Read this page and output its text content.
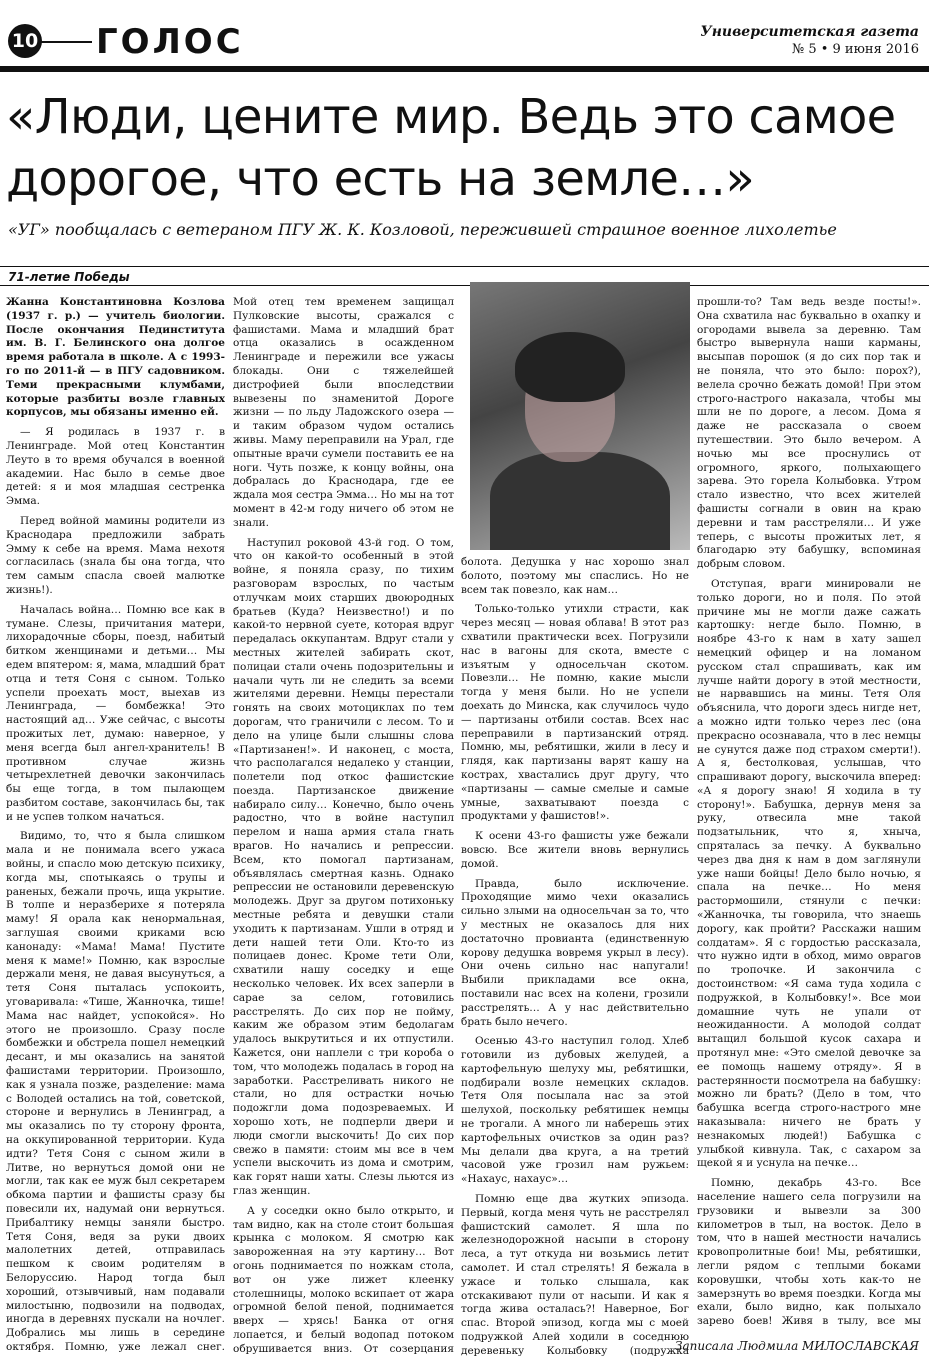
10 ГОЛОС	Университетская газета
№ 5 • 9 июня 2016
«Люди, цените мир. Ведь это самое дорогое, что есть на земле…»
«УГ» пообщалась с ветераном ПГУ Ж. К. Козловой, пережившей страшное военное лихолетье
71-летие Победы

Жанна Константиновна Козлова (1937 г. р.) — учитель биологии. После окончания Пединститута им. В. Г. Белинского она долгое время работала в школе. А с 1993-го по 2011-й — в ПГУ садовником. Теми прекрасными клумбами, которые разбиты возле главных корпусов, мы обязаны именно ей.

— Я родилась в 1937 г. в Ленинграде. Мой отец Константин Леуто в то время обучался в военной академии. Нас было в семье двое детей: я и моя младшая сестренка Эмма.

Перед войной мамины родители из Краснодара предложили забрать Эмму к себе на время. Мама нехотя согласилась (знала бы она тогда, что тем самым спасла своей малютке жизнь!).

Началась война… Помню все как в тумане. Слезы, причитания матери, лихорадочные сборы, поезд, набитый битком женщинами и детьми… Мы едем впятером: я, мама, младший брат отца и тетя Соня с сыном. Только успели проехать мост, выехав из Ленинграда, — бомбежка! Это настоящий ад… Уже сейчас, с высоты прожитых лет, думаю: наверное, у меня всегда был ангел-хранитель! В противном случае жизнь четырехлетней девочки закончилась бы еще тогда, в том пылающем разбитом составе, закончилась бы, так и не успев толком начаться.

Видимо, то, что я была слишком мала и не понимала всего ужаса войны, и спасло мою детскую психику, когда мы, спотыкаясь о трупы и раненых, бежали прочь, ища укрытие. В толпе и неразберихе я потеряла маму! Я орала как ненормальная, заглушая своими криками всю канонаду: «Мама! Мама! Пустите меня к маме!» Помню, как взрослые держали меня, не давая высунуться, а тетя Соня пыталась успокоить, уговаривала: «Тише, Жанночка, тише! Мама нас найдет, успокойся». Но этого не произошло. Сразу после бомбежки и обстрела пошел немецкий десант, и мы оказались на занятой фашистами территории. Произошло, как я узнала позже, разделение: мама с Володей остались на той, советской, стороне и вернулись в Ленинград, а мы оказались по ту сторону фронта, на оккупированной территории. Куда идти? Тетя Соня с сыном жили в Литве, но вернуться домой они не могли, так как ее муж был секретарем обкома партии и фашисты сразу бы повесили их, надумай они вернуться. Прибалтику немцы заняли быстро. Тетя Соня, ведя за руки двоих малолетних детей, отправилась пешком к своим родителям в Белоруссию. Народ тогда был хороший, отзывчивый, нам подавали милостыню, подвозили на подводах, иногда в деревнях пускали на ночлег. Добрались мы лишь в середине октября. Помню, уже лежал снег.

Мой отец тем временем защищал Пулковские высоты, сражался с фашистами. Мама и младший брат отца оказались в осажденном Ленинграде и пережили все ужасы блокады. Они с тяжелейшей дистрофией были впоследствии вывезены по знаменитой Дороге жизни — по льду Ладожского озера — и таким образом чудом остались живы. Маму переправили на Урал, где опытные врачи сумели поставить ее на ноги. Чуть позже, к концу войны, она добралась до Краснодара, где ее ждала моя сестра Эмма… Но мы на тот момент в 42-м году ничего об этом не знали.

Наступил роковой 43-й год. О том, что он какой-то особенный в этой войне, я поняла сразу, по тихим разговорам взрослых, по частым отлучкам моих старших двоюродных братьев (Куда? Неизвестно!) и по какой-то нервной суете, которая вдруг передалась оккупантам. Вдруг стали у местных жителей забирать скот, полицаи стали очень подозрительны и начали чуть ли не следить за всеми жителями деревни. Немцы перестали гонять на своих мотоциклах по тем дорогам, что граничили с лесом. То и дело на улице были слышны слова «Партизанен!». И наконец, с моста, что располагался недалеко у станции, полетели под откос фашистские поезда. Партизанское движение набирало силу… Конечно, было очень радостно, что в войне наступил перелом и наша армия стала гнать врагов. Но начались и репрессии. Всем, кто помогал партизанам, объявлялась смертная казнь. Однако репрессии не остановили деревенскую молодежь. Друг за другом потихоньку местные ребята и девушки стали уходить к партизанам. Ушли в отряд и дети нашей тети Оли. Кто-то из полицаев донес. Кроме тети Оли, схватили нашу соседку и еще несколько человек. Их всех заперли в сарае за селом, готовились расстрелять. До сих пор не пойму, каким же образом этим бедолагам удалось выкрутиться и их отпустили. Кажется, они наплели с три короба о том, что молодежь подалась в город на заработки. Расстреливать никого не стали, но для острастки ночью подожгли дома подозреваемых. И хорошо хоть, не подперли двери и люди смогли выскочить! До сих пор свежо в памяти: стоим мы все в чем успели выскочить из дома и смотрим, как горят наши хаты. Слезы льются из глаз женщин.

А у соседки окно было открыто, и там видно, как на столе стоит большая крынка с молоком. Я смотрю как завороженная на эту картину… Вот огонь поднимается по ножкам стола, вот он уже лижет клеенку столешницы, молоко вскипает от жара огромной белой пеной, поднимается вверх — хрясь! Банка от огня лопается, и белый водопад потоком обрушивается вниз. От созерцания

болота. Дедушка у нас хорошо знал болото, поэтому мы спаслись. Но не всем так повезло, как нам…

Только-только утихли страсти, как через месяц — новая облава! В этот раз схватили практически всех. Погрузили нас в вагоны для скота, вместе с изъятым у односельчан скотом. Повезли… Не помню, какие мысли тогда у меня были. Но не успели доехать до Минска, как случилось чудо — партизаны отбили состав. Всех нас переправили в партизанский отряд. Помню, мы, ребятишки, жили в лесу и глядя, как партизаны варят кашу на кострах, хвастались друг другу, что «партизаны — самые смелые и самые умные, захватывают поезда с продуктами у фашистов!».

К осени 43-го фашисты уже бежали вовсю. Все жители вновь вернулись домой.

Правда, было исключение. Проходящие мимо чехи оказались сильно злыми на односельчан за то, что у местных не оказалось для них достаточно провианта (единственную корову дедушка вовремя укрыл в лесу). Они очень сильно нас напугали! Выбили прикладами все окна, поставили нас всех на колени, грозили расстрелять… А у нас действительно брать было нечего.

Осенью 43-го наступил голод. Хлеб готовили из дубовых желудей, а картофельную шелуху мы, ребятишки, подбирали возле немецких складов. Тетя Оля посылала нас за этой шелухой, поскольку ребятишек немцы не трогали. А много ли наберешь этих картофельных очистков за один раз? Мы делали два круга, а на третий часовой уже грозил нам ружьем: «Нахаус, нахаус»…

Помню еще два жутких эпизода. Первый, когда меня чуть не расстрелял фашистский самолет. Я шла по железнодорожной насыпи в сторону леса, а тут откуда ни возьмись летит самолет. И стал стрелять! Я бежала в ужасе и только слышала, как отскакивают пули от насыпи. И как я тогда жива осталась?! Наверное, Бог спас. Второй эпизод, когда мы с моей подружкой Алей ходили в соседнюю деревеньку Колыбовку (подружка

прошли-то? Там ведь везде посты!». Она схватила нас буквально в охапку и огородами вывела за деревню. Там быстро вывернула наши карманы, высыпав порошок (я до сих пор так и не поняла, что это было: порох?), велела срочно бежать домой! При этом строго-настрого наказала, чтобы мы шли не по дороге, а лесом. Дома я даже не рассказала о своем путешествии. Это было вечером. А ночью мы все проснулись от огромного, яркого, полыхающего зарева. Это горела Колыбовка. Утром стало известно, что всех жителей фашисты согнали в овин на краю деревни и там расстреляли… И уже теперь, с высоты прожитых лет, я благодарю эту бабушку, вспоминая добрым словом.

Отступая, враги минировали не только дороги, но и поля. По этой причине мы не могли даже сажать картошку: негде было. Помню, в ноябре 43-го к нам в хату зашел немецкий офицер и на ломаном русском стал спрашивать, как им лучше найти дорогу в этой местности, не нарвавшись на мины. Тетя Оля объяснила, что дороги здесь нигде нет, а можно идти только через лес (она прекрасно осознавала, что в лес немцы не сунутся даже под страхом смерти!). А я, бестолковая, услышав, что спрашивают дорогу, выскочила вперед: «А я дорогу знаю! Я ходила в ту сторону!». Бабушка, дернув меня за руку, отвесила мне такой подзатыльник, что я, хныча, спряталась за печку. А буквально через два дня к нам в дом заглянули уже наши бойцы! Дело было ночью, я спала на печке… Но меня растормошили, стянули с печки: «Жанночка, ты говорила, что знаешь дорогу, как пройти? Расскажи нашим солдатам». Я с гордостью рассказала, что нужно идти в обход, мимо оврагов по тропочке. И закончила с достоинством: «Я сама туда ходила с подружкой, в Колыбовку!». Все мои домашние чуть не упали от неожиданности. А молодой солдат вытащил большой кусок сахара и протянул мне: «Это смелой девочке за ее помощь нашему отряду». Я в растерянности посмотрела на бабушку: можно ли брать? (Дело в том, что бабушка всегда строго-настрого мне наказывала: ничего не брать у незнакомых людей!) Бабушка с улыбкой кивнула. Так, с сахаром за щекой я и уснула на печке…

Помню, декабрь 43-го. Все население нашего села погрузили на грузовики и вывезли за 300 километров в тыл, на восток. Дело в том, что в нашей местности начались кровопролитные бои! Мы, ребятишки, легли рядом с теплыми боками коровушки, чтобы хоть как-то не замерзнуть во время поездки. Когда мы ехали, было видно, как полыхало зарево боев! Живя в тылу, все мы

Записала Людмила МИЛОСЛАВСКАЯ
